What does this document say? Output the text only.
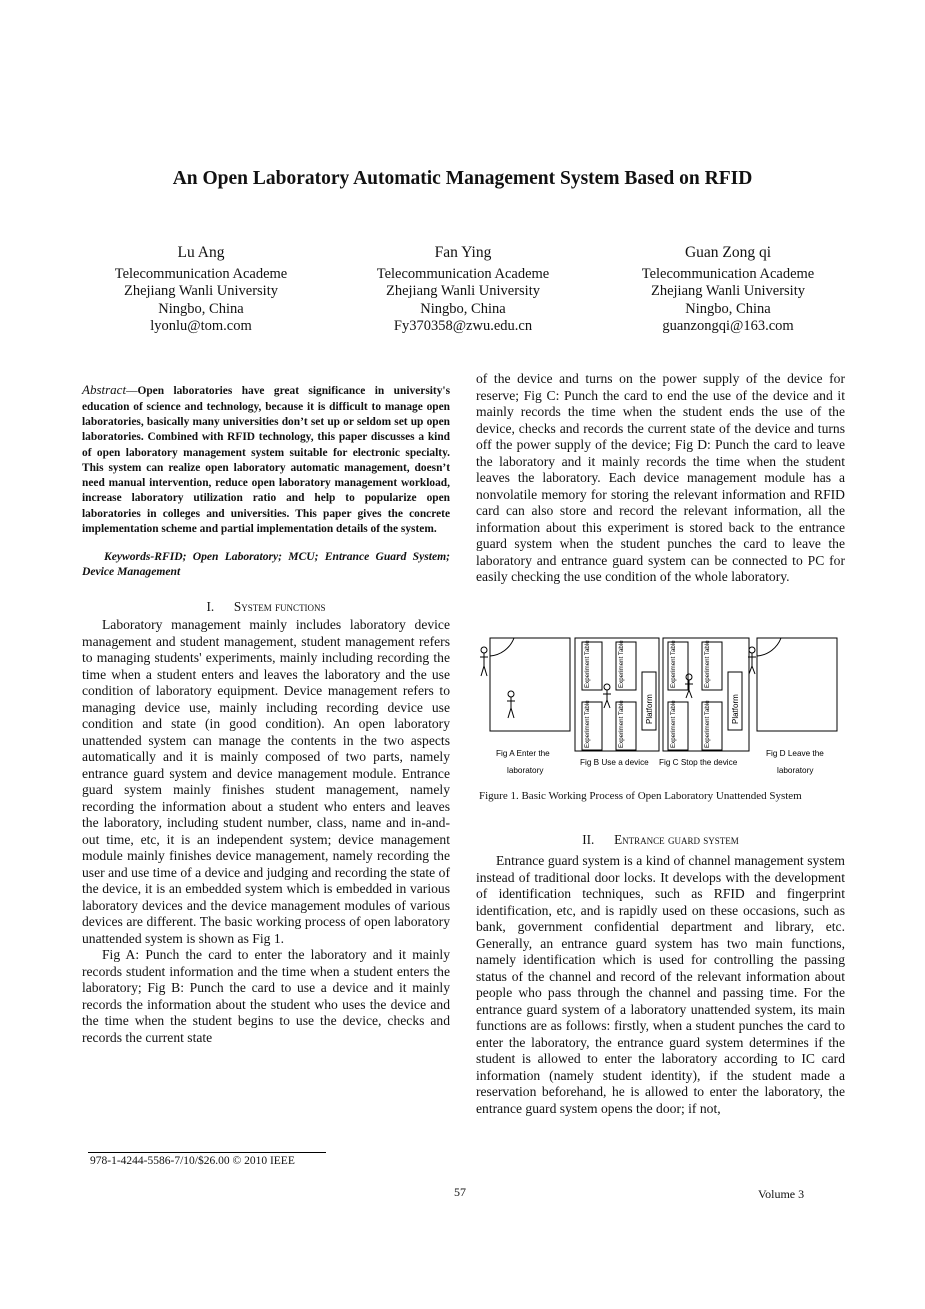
An Open Laboratory Automatic Management System Based on RFID
Lu Ang
Telecommunication Academe
Zhejiang Wanli University
Ningbo, China
lyonlu@tom.com
Fan Ying
Telecommunication Academe
Zhejiang Wanli University
Ningbo, China
Fy370358@zwu.edu.cn
Guan Zong qi
Telecommunication Academe
Zhejiang Wanli University
Ningbo, China
guanzongqi@163.com

Abstract—Open laboratories have great significance in university's education of science and technology, because it is difficult to manage open laboratories, basically many universities don’t set up or seldom set up open laboratories. Combined with RFID technology, this paper discusses a kind of open laboratory management system suitable for electronic specialty. This system can realize open laboratory automatic management, doesn’t need manual intervention, reduce open laboratory management workload, increase laboratory utilization ratio and help to popularize open laboratories in colleges and universities. This paper gives the concrete implementation scheme and partial implementation details of the system.

Keywords-RFID; Open Laboratory; MCU; Entrance Guard System; Device Management

I. System functions

Laboratory management mainly includes laboratory device management and student management, student management refers to managing students' experiments, mainly including recording the time when a student enters and leaves the laboratory and the use condition of laboratory equipment. Device management refers to managing device use, mainly including recording device use condition and state (in good condition). An open laboratory unattended system can manage the contents in the two aspects automatically and it is mainly composed of two parts, namely entrance guard system and device management module. Entrance guard system mainly finishes student management, namely recording the information about a student who enters and leaves the laboratory, including student number, class, name and in-and-out time, etc, it is an independent system; device management module mainly finishes device management, namely recording the user and use time of a device and judging and recording the state of the device, it is an embedded system which is embedded in various laboratory devices and the device management modules of various devices are different. The basic working process of open laboratory unattended system is shown as Fig 1.

Fig A: Punch the card to enter the laboratory and it mainly records student information and the time when a student enters the laboratory; Fig B: Punch the card to use a device and it mainly records the information about the student who uses the device and the time when the student begins to use the device, checks and records the current state

of the device and turns on the power supply of the device for reserve; Fig C: Punch the card to end the use of the device and it mainly records the time when the student ends the use of the device, checks and records the current state of the device and turns off the power supply of the device; Fig D: Punch the card to leave the laboratory and it mainly records the time when the student leaves the laboratory. Each device management module has a nonvolatile memory for storing the relevant information and RFID card can also store and record the relevant information, all the information about this experiment is stored back to the entrance guard system when the student punches the card to leave the laboratory and entrance guard system can be connected to PC for easily checking the use condition of the whole laboratory.

Experiment Table	Experiment Table
Experiment Table	Experiment Table
Experiment Table	Experiment Table
Experiment Table	Experiment Table
Platform	Platform
Fig A Enter the
laboratory
Fig B Use a device Fig C Stop the device
Fig D Leave the
laboratory
Figure 1. Basic Working Process of Open Laboratory Unattended System
II. Entrance guard system

Entrance guard system is a kind of channel management system instead of traditional door locks. It develops with the development of identification techniques, such as RFID and fingerprint identification, etc, and is rapidly used on these occasions, such as bank, government confidential department and library, etc. Generally, an entrance guard system has two main functions, namely identification which is used for controlling the passing status of the channel and record of the relevant information about people who pass through the channel and passing time. For the entrance guard system of a laboratory unattended system, its main functions are as follows: firstly, when a student punches the card to enter the laboratory, the entrance guard system determines if the student is allowed to enter the laboratory according to IC card information (namely student identity), if the student made a reservation beforehand, he is allowed to enter the laboratory, the entrance guard system opens the door; if not,

978-1-4244-5586-7/10/$26.00 © 2010 IEEE
57	Volume 3
